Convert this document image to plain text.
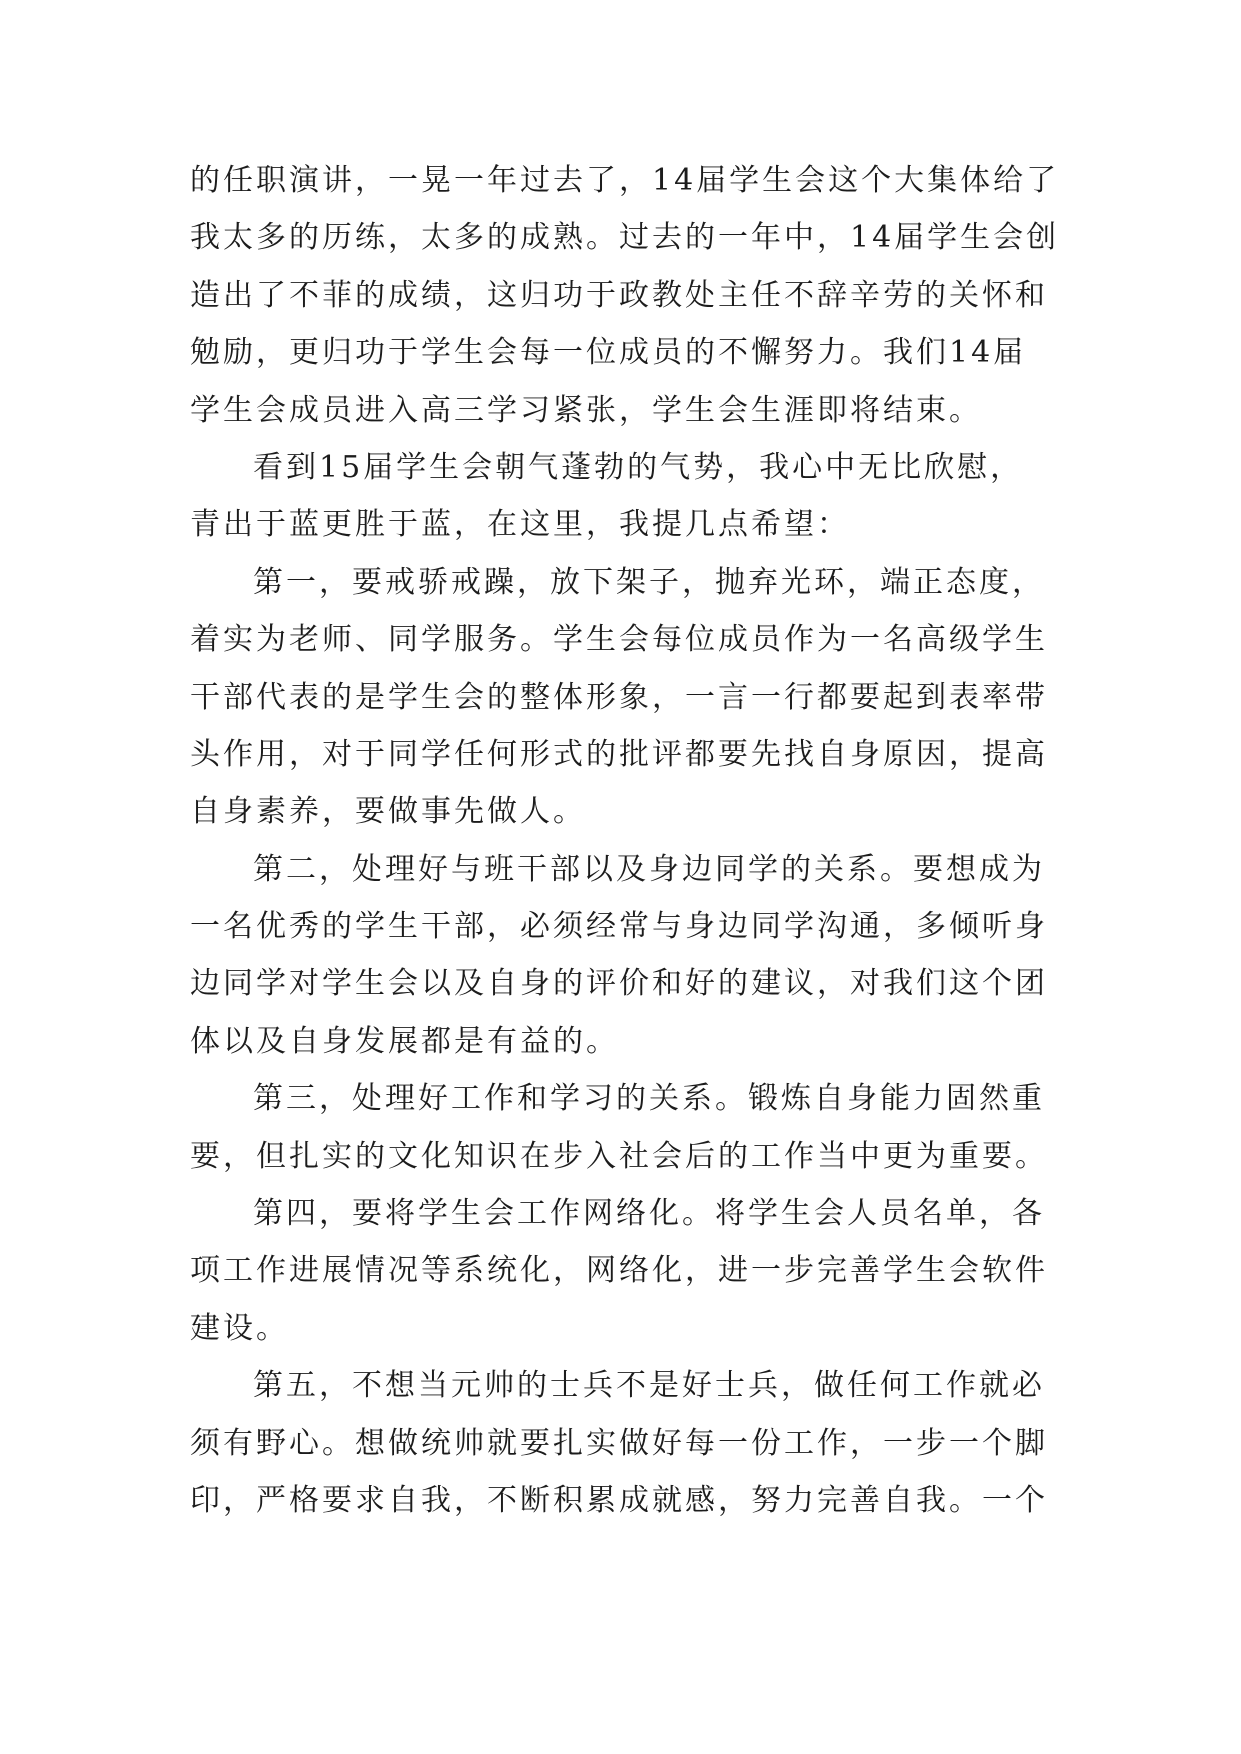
的任职演讲，一晃一年过去了，14届学生会这个大集体给了
我太多的历练，太多的成熟。过去的一年中，14届学生会创
造出了不菲的成绩，这归功于政教处主任不辞辛劳的关怀和
勉励，更归功于学生会每一位成员的不懈努力。我们14届
学生会成员进入高三学习紧张，学生会生涯即将结束。
看到15届学生会朝气蓬勃的气势，我心中无比欣慰，
青出于蓝更胜于蓝，在这里，我提几点希望：
第一，要戒骄戒躁，放下架子，抛弃光环，端正态度，
着实为老师、同学服务。学生会每位成员作为一名高级学生
干部代表的是学生会的整体形象，一言一行都要起到表率带
头作用，对于同学任何形式的批评都要先找自身原因，提高
自身素养，要做事先做人。
第二，处理好与班干部以及身边同学的关系。要想成为
一名优秀的学生干部，必须经常与身边同学沟通，多倾听身
边同学对学生会以及自身的评价和好的建议，对我们这个团
体以及自身发展都是有益的。
第三，处理好工作和学习的关系。锻炼自身能力固然重
要，但扎实的文化知识在步入社会后的工作当中更为重要。
第四，要将学生会工作网络化。将学生会人员名单，各
项工作进展情况等系统化，网络化，进一步完善学生会软件
建设。
第五，不想当元帅的士兵不是好士兵，做任何工作就必
须有野心。想做统帅就要扎实做好每一份工作，一步一个脚
印，严格要求自我，不断积累成就感，努力完善自我。一个
